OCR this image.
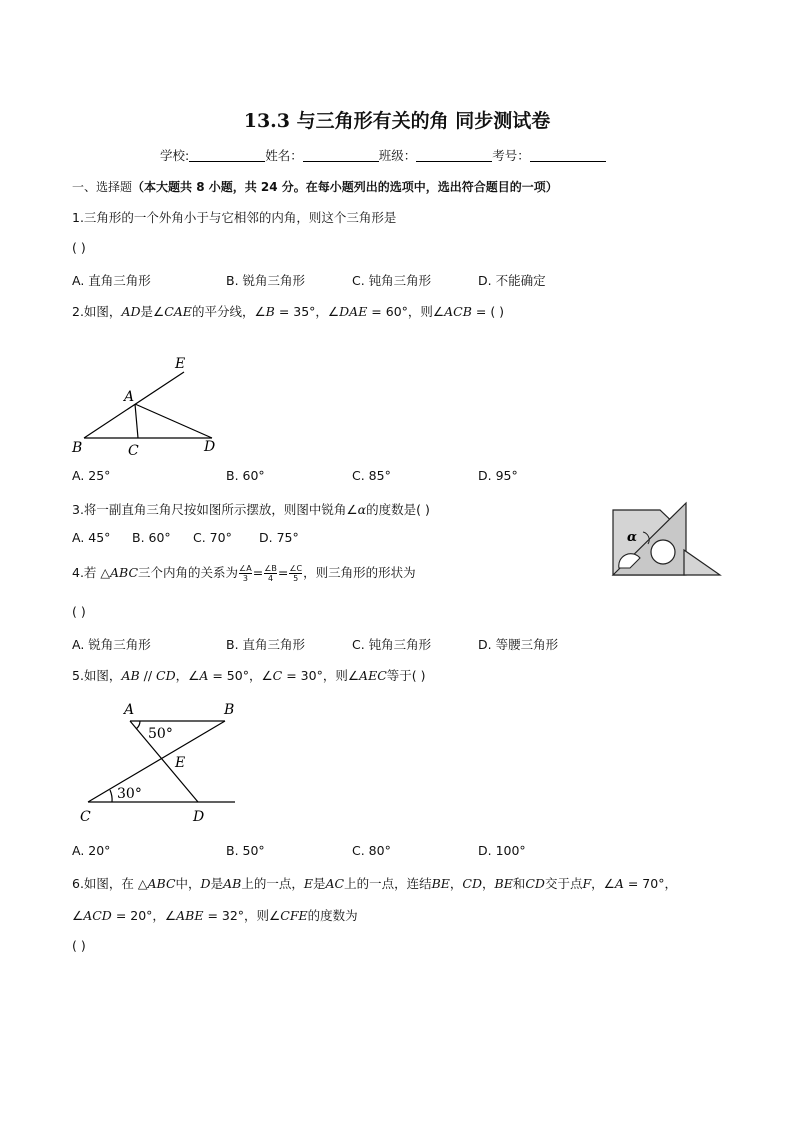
13.3 与三角形有关的角 同步测试卷
学校:	姓名：	班级：	考号：
一、选择题（本大题共 8 小题，共 24 分。在每小题列出的选项中，选出符合题目的一项）
1.三角形的一个外角小于与它相邻的内角，则这个三角形是
( )
A. 直角三角形	B. 锐角三角形	C. 钝角三角形	D. 不能确定
2.如图，AD是∠CAE的平分线，∠B = 35°，∠DAE = 60°，则∠ACB = ( )
E
A
B	C	D
A. 25°	B. 60°	C. 85°	D. 95°
3.将一副直角三角尺按如图所示摆放，则图中锐角∠α的度数是( )
A. 45° B. 60° C. 70° D. 75°	α
4.若 △ABC三个内角的关系为 $\frac{\angle A}{3} = \frac{\angle B}{4} = \frac{\angle C}{5}$ ，则三角形的形状为
( )
A. 锐角三角形	B. 直角三角形	C. 钝角三角形	D. 等腰三角形
5.如图，AB // CD，∠A = 50°，∠C = 30°，则∠AEC等于( )
A	B
C	D
E
50°
30°
A. 20°	B. 50°	C. 80°	D. 100°
6.如图，在 △ABC中，D是AB上的一点，E是AC上的一点，连结BE，CD，BE和CD交于点F，∠A = 70°，
∠ACD = 20°，∠ABE = 32°，则∠CFE的度数为
( )
